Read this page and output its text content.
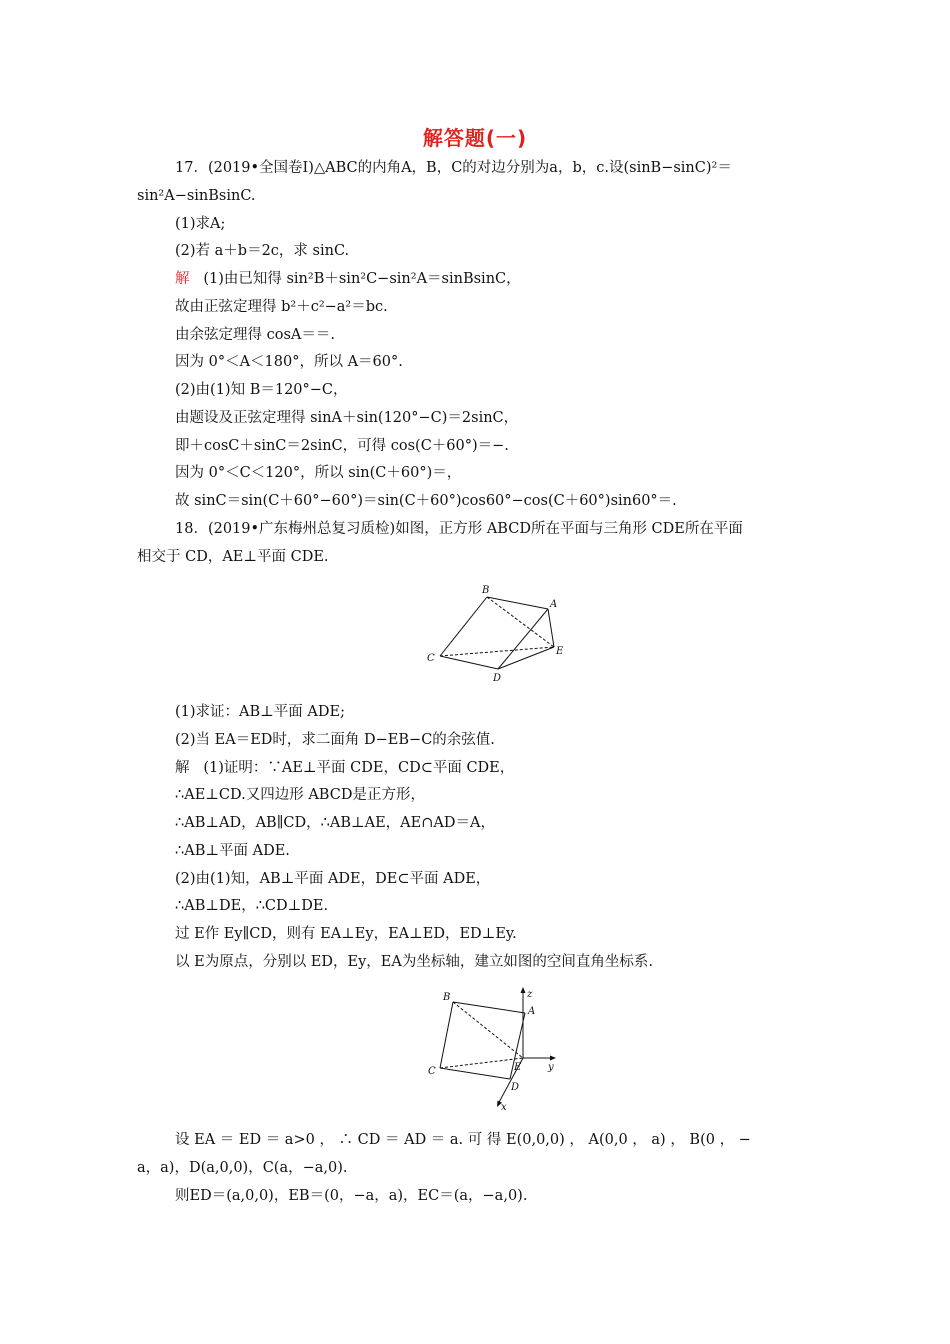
解答题(一)
17．(2019•全国卷Ⅰ)△ABC的内角A，B，C的对边分别为a，b，c.设(sinB−sinC)²＝
sin²A−sinBsinC.
(1)求A;
(2)若 a＋b＝2c，求 sinC.
解 (1)由已知得 sin²B＋sin²C−sin²A＝sinBsinC，
故由正弦定理得 b²＋c²−a²＝bc.
由余弦定理得 cosA＝＝.
因为 0°＜A＜180°，所以 A＝60°.
(2)由(1)知 B＝120°−C，
由题设及正弦定理得 sinA＋sin(120°−C)＝2sinC，
即＋cosC＋sinC＝2sinC，可得 cos(C＋60°)＝−.
因为 0°＜C＜120°，所以 sin(C＋60°)＝，
故 sinC＝sin(C＋60°−60°)＝sin(C＋60°)cos60°−cos(C＋60°)sin60°＝.
18．(2019•广东梅州总复习质检)如图，正方形 ABCD所在平面与三角形 CDE所在平面
相交于 CD，AE⊥平面 CDE.
B
A
C
E
D
(1)求证：AB⊥平面 ADE;
(2)当 EA＝ED时，求二面角 D−EB−C的余弦值.
解 (1)证明：∵AE⊥平面 CDE，CD⊂平面 CDE，
∴AE⊥CD.又四边形 ABCD是正方形，
∴AB⊥AD，AB∥CD，∴AB⊥AE，AE∩AD＝A，
∴AB⊥平面 ADE.
(2)由(1)知，AB⊥平面 ADE，DE⊂平面 ADE，
∴AB⊥DE，∴CD⊥DE.
过 E作 Ey∥CD，则有 EA⊥Ey，EA⊥ED，ED⊥Ey.
以 E为原点，分别以 ED，Ey，EA为坐标轴，建立如图的空间直角坐标系.
B
A
C	E
D
z
y
x
设 EA ＝ ED ＝ a>0 ， ∴ CD ＝ AD ＝ a. 可 得 E(0,0,0) ， A(0,0 ， a) ， B(0 ， −
a，a)，D(a,0,0)，C(a，−a,0).
则ED＝(a,0,0)，EB＝(0，−a，a)，EC＝(a，−a,0).
